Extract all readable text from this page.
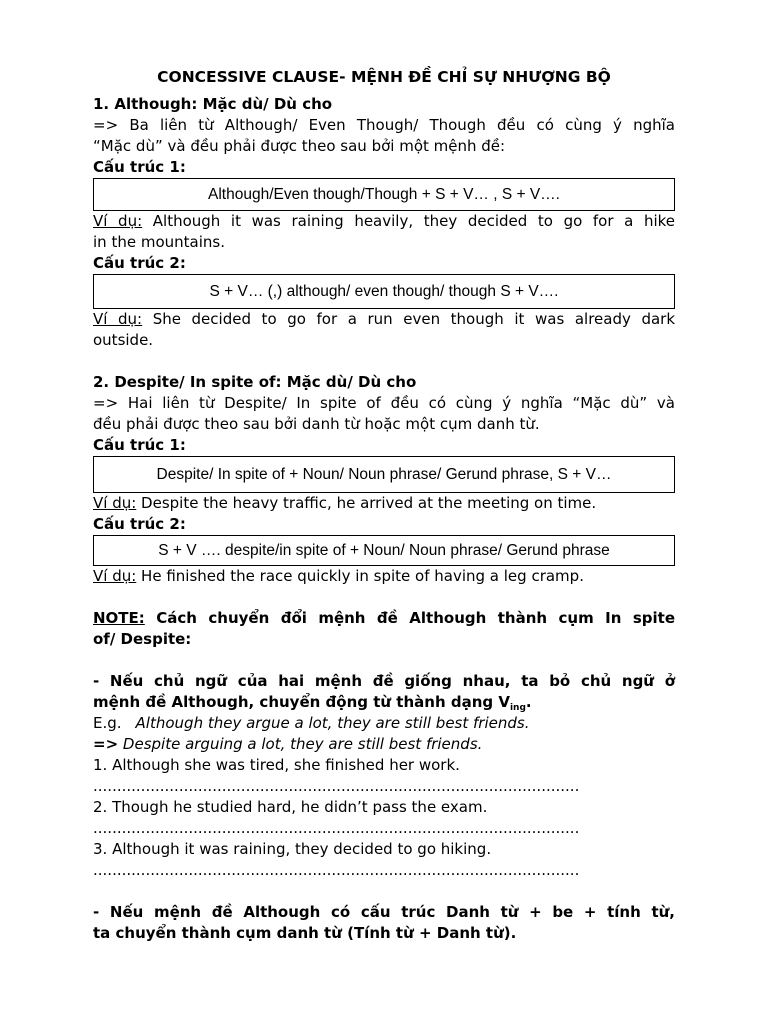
CONCESSIVE CLAUSE- MỆNH ĐỀ CHỈ SỰ NHƯỢNG BỘ
1. Although: Mặc dù/ Dù cho
=> Ba liên từ Although/ Even Though/ Though đều có cùng ý nghĩa
“Mặc dù” và đều phải được theo sau bởi một mệnh đề:
Cấu trúc 1:
Although/Even though/Though + S + V… , S + V….
Ví dụ: Although it was raining heavily, they decided to go for a hike
in the mountains.
Cấu trúc 2:
S + V… (,) although/ even though/ though S + V….
Ví dụ: She decided to go for a run even though it was already dark
outside.
2. Despite/ In spite of: Mặc dù/ Dù cho
=> Hai liên từ Despite/ In spite of đều có cùng ý nghĩa “Mặc dù” và
đều phải được theo sau bởi danh từ hoặc một cụm danh từ.
Cấu trúc 1:
Despite/ In spite of + Noun/ Noun phrase/ Gerund phrase, S + V…
Ví dụ: Despite the heavy traffic, he arrived at the meeting on time.
Cấu trúc 2:
S + V …. despite/in spite of + Noun/ Noun phrase/ Gerund phrase
Ví dụ: He finished the race quickly in spite of having a leg cramp.
NOTE: Cách chuyển đổi mệnh đề Although thành cụm In spite
of/ Despite:
- Nếu chủ ngữ của hai mệnh đề giống nhau, ta bỏ chủ ngữ ở
mệnh đề Although, chuyển động từ thành dạng $V_{ing}$.
E.g. Although they argue a lot, they are still best friends.
=> Despite arguing a lot, they are still best friends.
1. Although she was tired, she finished her work.
......................................................................................................
2. Though he studied hard, he didn’t pass the exam.
......................................................................................................
3. Although it was raining, they decided to go hiking.
......................................................................................................
- Nếu mệnh đề Although có cấu trúc Danh từ + be + tính từ,
ta chuyển thành cụm danh từ (Tính từ + Danh từ).
